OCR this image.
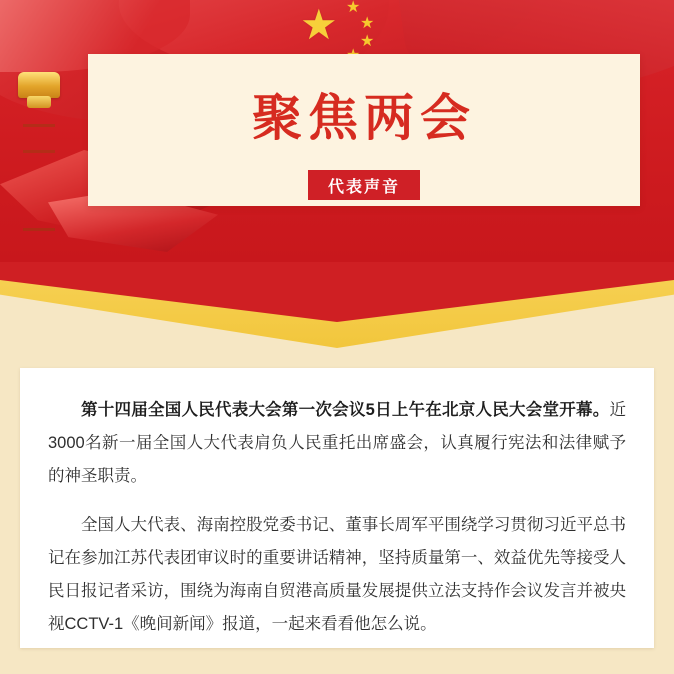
★ ★
★
★
聚焦两会
代表声音

第十四届全国人民代表大会第一次会议5日上午在北京人民大会堂开幕。近3000名新一届全国人大代表肩负人民重托出席盛会，认真履行宪法和法律赋予的神圣职责。

全国人大代表、海南控股党委书记、董事长周军平围绕学习贯彻习近平总书记在参加江苏代表团审议时的重要讲话精神，坚持质量第一、效益优先等接受人民日报记者采访，围绕为海南自贸港高质量发展提供立法支持作会议发言并被央视CCTV-1《晚间新闻》报道，一起来看看他怎么说。
